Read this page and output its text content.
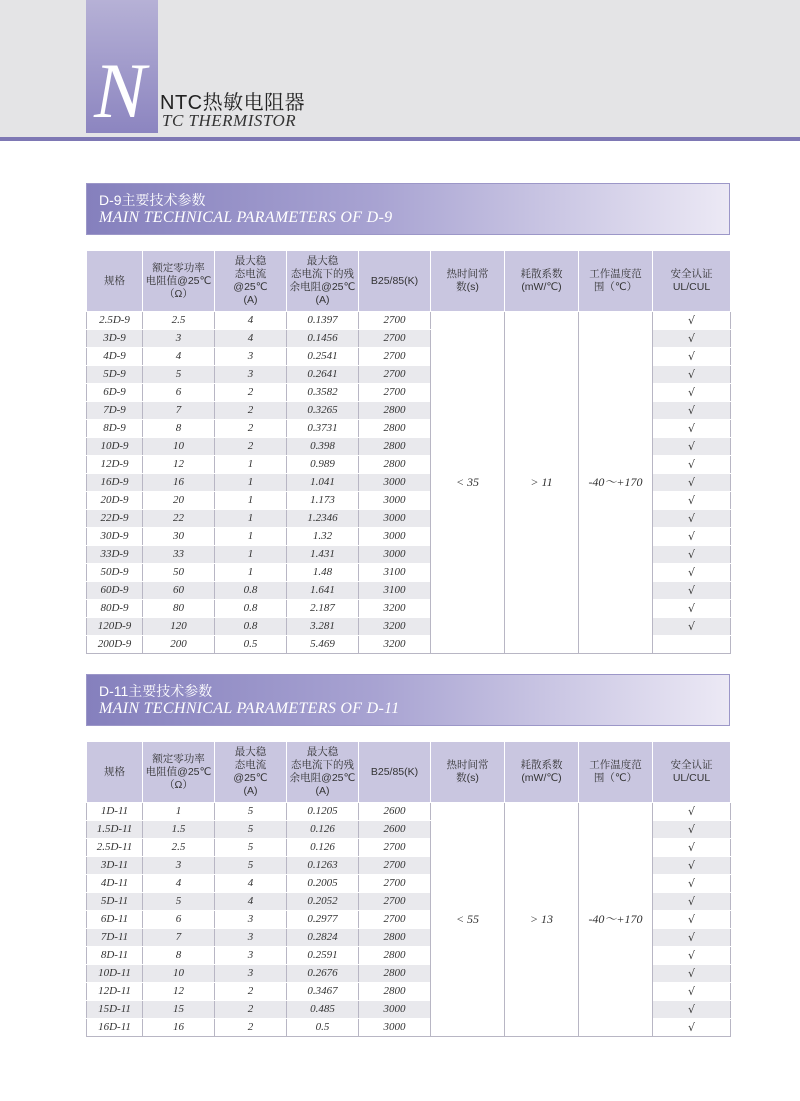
N NTC热敏电阻器
TC THERMISTOR
D-9主要技术参数
MAIN TECHNICAL PARAMETERS OF D-9
规格	额定零功率
电阻值@25℃
（Ω）	最大稳
态电流
@25℃
(A)	最大稳
态电流下的残
余电阻@25℃
(A)	B25/85(K)	热时间常
数(s)	耗散系数
(mW/℃)	工作温度范
围（℃）	安全认证
UL/CUL
2.5D-9	2.5	4	0.1397	2700	< 35	> 11	-40～+170	√
3D-9	3	4	0.1456	2700				√
4D-9	4	3	0.2541	2700				√
5D-9	5	3	0.2641	2700				√
6D-9	6	2	0.3582	2700				√
7D-9	7	2	0.3265	2800				√
8D-9	8	2	0.3731	2800				√
10D-9	10	2	0.398	2800				√
12D-9	12	1	0.989	2800				√
16D-9	16	1	1.041	3000				√
20D-9	20	1	1.173	3000				√
22D-9	22	1	1.2346	3000				√
30D-9	30	1	1.32	3000				√
33D-9	33	1	1.431	3000				√
50D-9	50	1	1.48	3100				√
60D-9	60	0.8	1.641	3100				√
80D-9	80	0.8	2.187	3200				√
120D-9	120	0.8	3.281	3200				√
200D-9	200	0.5	5.469	3200				
D-11主要技术参数
MAIN TECHNICAL PARAMETERS OF D-11
规格	额定零功率
电阻值@25℃
（Ω）	最大稳
态电流
@25℃
(A)	最大稳
态电流下的残
余电阻@25℃
(A)	B25/85(K)	热时间常
数(s)	耗散系数
(mW/℃)	工作温度范
围（℃）	安全认证
UL/CUL
1D-11	1	5	0.1205	2600	< 55	> 13	-40～+170	√
1.5D-11	1.5	5	0.126	2600				√
2.5D-11	2.5	5	0.126	2700				√
3D-11	3	5	0.1263	2700				√
4D-11	4	4	0.2005	2700				√
5D-11	5	4	0.2052	2700				√
6D-11	6	3	0.2977	2700				√
7D-11	7	3	0.2824	2800				√
8D-11	8	3	0.2591	2800				√
10D-11	10	3	0.2676	2800				√
12D-11	12	2	0.3467	2800				√
15D-11	15	2	0.485	3000				√
16D-11	16	2	0.5	3000				√
